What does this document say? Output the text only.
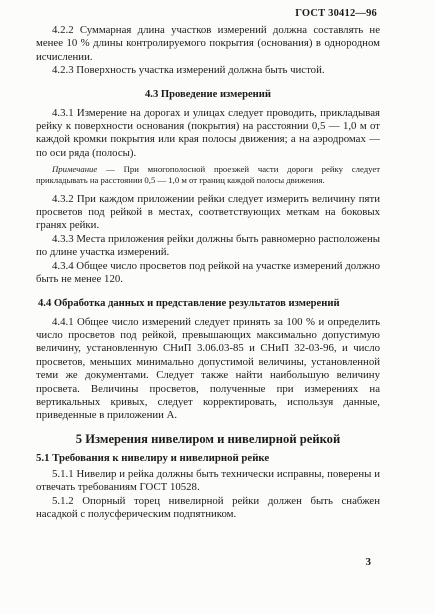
ГОСТ 30412—96

4.2.2 Суммарная длина участков измерений должна составлять не менее 10 % длины контролируемого покрытия (основания) в однородном исчислении.

4.2.3 Поверхность участка измерений должна быть чистой.

4.3 Проведение измерений

4.3.1 Измерение на дорогах и улицах следует проводить, прикладывая рейку к поверхности основания (покрытия) на расстоянии 0,5 — 1,0 м от каждой кромки покрытия или края полосы движения; а на аэродромах — по оси ряда (полосы).

Примечание — При многополосной проезжей части дороги рейку следует прикладывать на расстоянии 0,5 — 1,0 м от границ каждой полосы движения.

4.3.2 При каждом приложении рейки следует измерить величину пяти просветов под рейкой в местах, соответствующих меткам на боковых гранях рейки.

4.3.3 Места приложения рейки должны быть равномерно расположены по длине участка измерений.

4.3.4 Общее число просветов под рейкой на участке измерений должно быть не менее 120.

4.4 Обработка данных и представление результатов измерений

4.4.1 Общее число измерений следует принять за 100 % и определить число просветов под рейкой, превышающих максимально допустимую величину, установленную СНиП 3.06.03-85 и СНиП 32-03-96, и число просветов, меньших минимально допустимой величины, установленной теми же документами. Следует также найти наибольшую величину просвета. Величины просветов, полученные при измерениях на вертикальных кривых, следует корректировать, используя данные, приведенные в приложении А.

5 Измерения нивелиром и нивелирной рейкой
5.1 Требования к нивелиру и нивелирной рейке

5.1.1 Нивелир и рейка должны быть технически исправны, поверены и отвечать требованиям ГОСТ 10528.

5.1.2 Опорный торец нивелирной рейки должен быть снабжен насадкой с полусферическим подпятником.

3
